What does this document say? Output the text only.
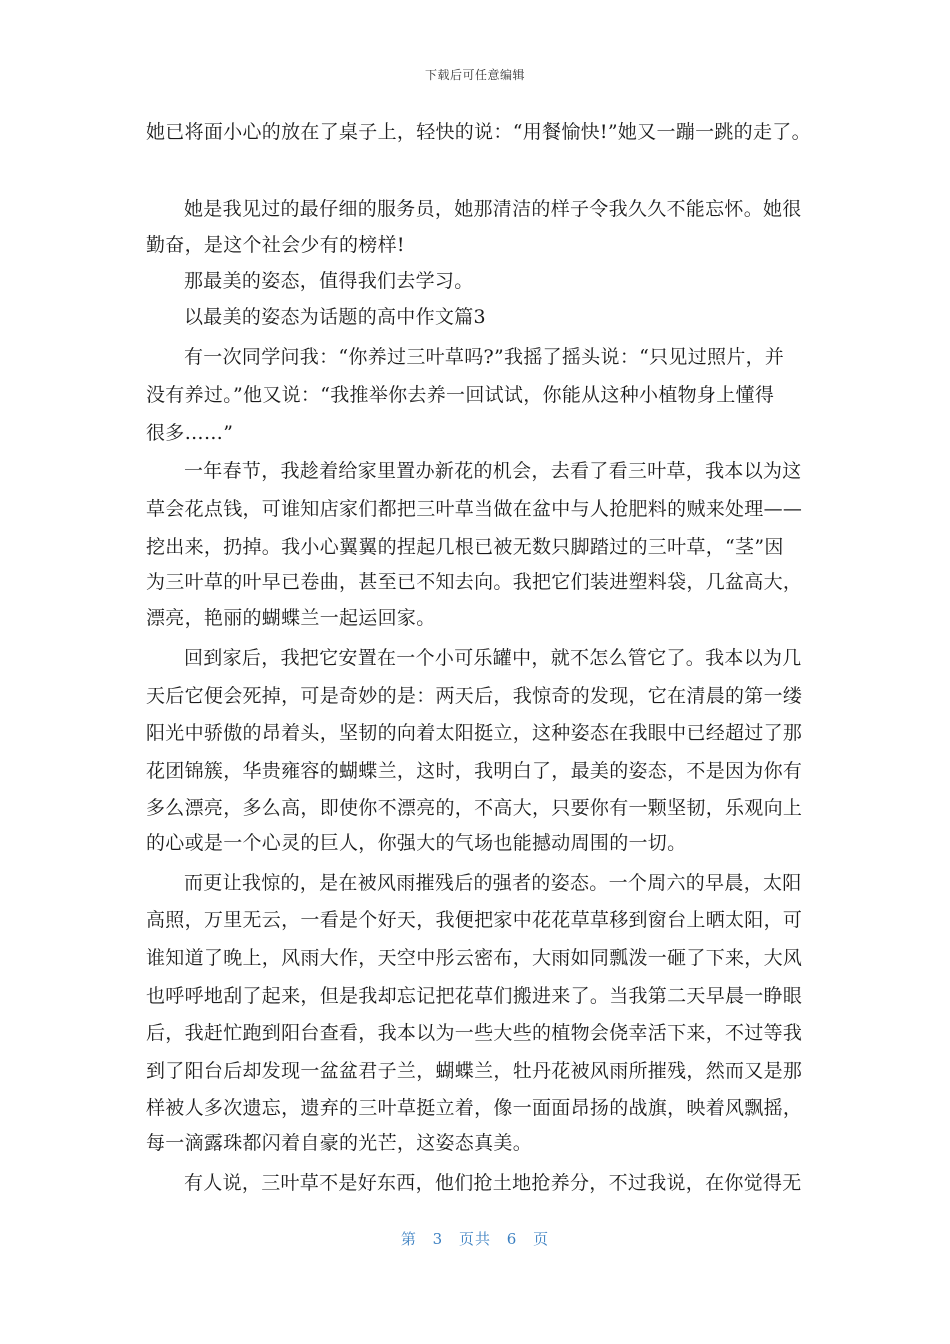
下载后可任意编辑
她已将面小心的放在了桌子上，轻快的说：“用餐愉快!”她又一蹦一跳的走了。
她是我见过的最仔细的服务员，她那清洁的样子令我久久不能忘怀。她很
勤奋，是这个社会少有的榜样!
那最美的姿态，值得我们去学习。
以最美的姿态为话题的高中作文篇3
有一次同学问我：“你养过三叶草吗?”我摇了摇头说：“只见过照片，并
没有养过。”他又说：“我推举你去养一回试试，你能从这种小植物身上懂得
很多……”
一年春节，我趁着给家里置办新花的机会，去看了看三叶草，我本以为这
草会花点钱，可谁知店家们都把三叶草当做在盆中与人抢肥料的贼来处理——
挖出来，扔掉。我小心翼翼的捏起几根已被无数只脚踏过的三叶草，“茎”因
为三叶草的叶早已卷曲，甚至已不知去向。我把它们装进塑料袋，几盆高大，
漂亮，艳丽的蝴蝶兰一起运回家。
回到家后，我把它安置在一个小可乐罐中，就不怎么管它了。我本以为几
天后它便会死掉，可是奇妙的是：两天后，我惊奇的发现，它在清晨的第一缕
阳光中骄傲的昂着头，坚韧的向着太阳挺立，这种姿态在我眼中已经超过了那
花团锦簇，华贵雍容的蝴蝶兰，这时，我明白了，最美的姿态，不是因为你有
多么漂亮，多么高，即使你不漂亮的，不高大，只要你有一颗坚韧，乐观向上
的心或是一个心灵的巨人，你强大的气场也能撼动周围的一切。
而更让我惊的，是在被风雨摧残后的强者的姿态。一个周六的早晨，太阳
高照，万里无云，一看是个好天，我便把家中花花草草移到窗台上晒太阳，可
谁知道了晚上，风雨大作，天空中彤云密布，大雨如同瓢泼一砸了下来，大风
也呼呼地刮了起来，但是我却忘记把花草们搬进来了。当我第二天早晨一睁眼
后，我赶忙跑到阳台查看，我本以为一些大些的植物会侥幸活下来，不过等我
到了阳台后却发现一盆盆君子兰，蝴蝶兰，牡丹花被风雨所摧残，然而又是那
样被人多次遗忘，遗弃的三叶草挺立着，像一面面昂扬的战旗，映着风飘摇，
每一滴露珠都闪着自豪的光芒，这姿态真美。
有人说，三叶草不是好东西，他们抢土地抢养分，不过我说，在你觉得无
第 3 页共 6 页
